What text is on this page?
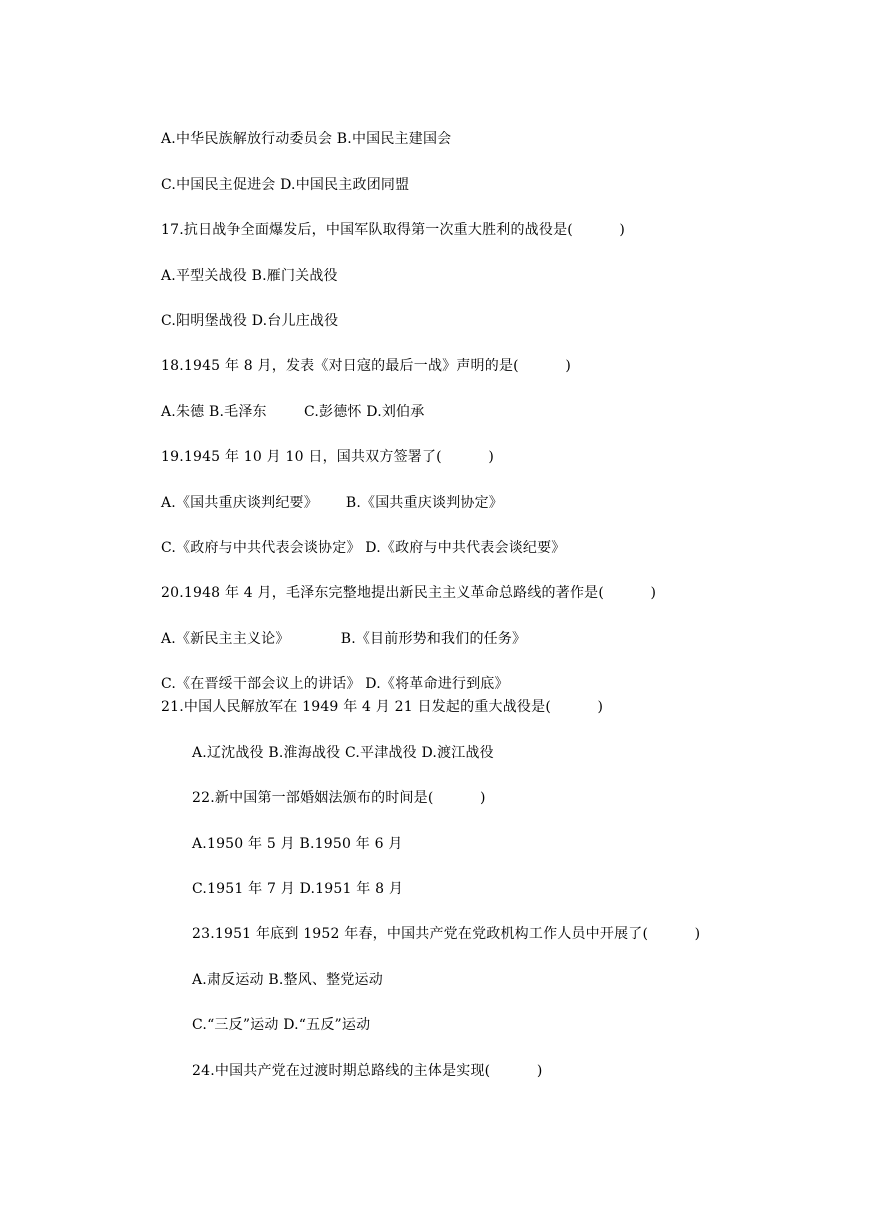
A.中华民族解放行动委员会 B.中国民主建国会
C.中国民主促进会 D.中国民主政团同盟
17.抗日战争全面爆发后，中国军队取得第一次重大胜利的战役是(          )
A.平型关战役 B.雁门关战役
C.阳明堡战役 D.台儿庄战役
18.1945 年 8 月，发表《对日寇的最后一战》声明的是(          )
A.朱德 B.毛泽东        C.彭德怀 D.刘伯承
19.1945 年 10 月 10 日，国共双方签署了(          )
A.《国共重庆谈判纪要》      B.《国共重庆谈判协定》
C.《政府与中共代表会谈协定》 D.《政府与中共代表会谈纪要》
20.1948 年 4 月，毛泽东完整地提出新民主主义革命总路线的著作是(          )
A.《新民主主义论》           B.《目前形势和我们的任务》
C.《在晋绥干部会议上的讲话》 D.《将革命进行到底》
21.中国人民解放军在 1949 年 4 月 21 日发起的重大战役是(          )
A.辽沈战役 B.淮海战役 C.平津战役 D.渡江战役
22.新中国第一部婚姻法颁布的时间是(          )
A.1950 年 5 月 B.1950 年 6 月
C.1951 年 7 月 D.1951 年 8 月
23.1951 年底到 1952 年春，中国共产党在党政机构工作人员中开展了(          )
A.肃反运动 B.整风、整党运动
C.“三反”运动 D.“五反”运动
24.中国共产党在过渡时期总路线的主体是实现(          )
